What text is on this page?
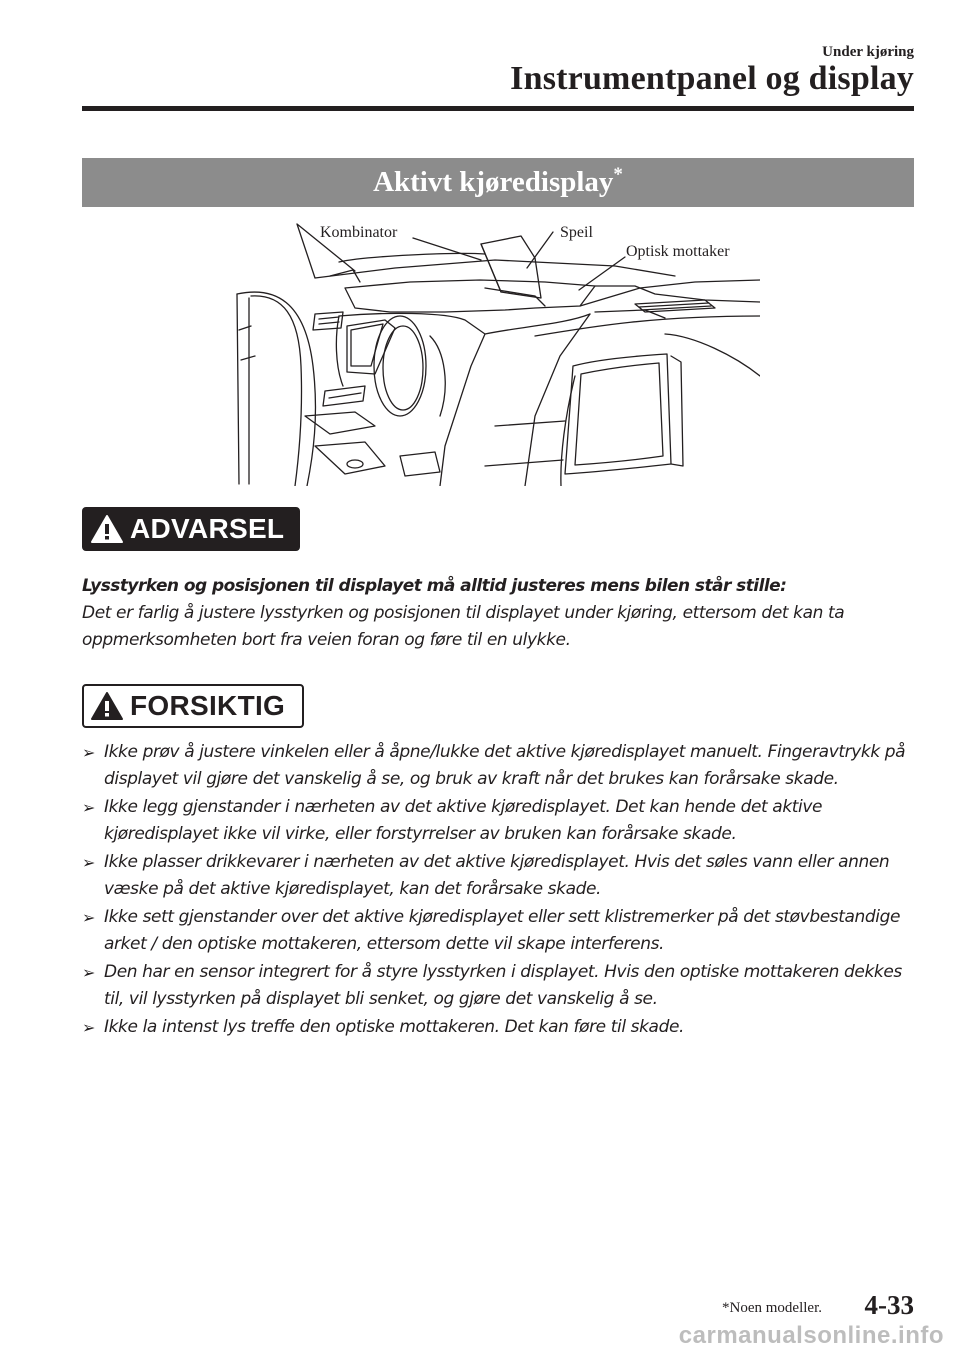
Under kjøring
Instrumentpanel og display
Aktivt kjøredisplay*
Kombinator	Speil
Optisk mottaker
ADVARSEL
Lysstyrken og posisjonen til displayet må alltid justeres mens bilen står stille:
Det er farlig å justere lysstyrken og posisjonen til displayet under kjøring, ettersom det kan ta oppmerksomheten bort fra veien foran og føre til en ulykke.
FORSIKTIG
➢ Ikke prøv å justere vinkelen eller å åpne/lukke det aktive kjøredisplayet manuelt. Fingeravtrykk på displayet vil gjøre det vanskelig å se, og bruk av kraft når det brukes kan forårsake skade.
➢ Ikke legg gjenstander i nærheten av det aktive kjøredisplayet. Det kan hende det aktive kjøredisplayet ikke vil virke, eller forstyrrelser av bruken kan forårsake skade.
➢ Ikke plasser drikkevarer i nærheten av det aktive kjøredisplayet. Hvis det søles vann eller annen væske på det aktive kjøredisplayet, kan det forårsake skade.
➢ Ikke sett gjenstander over det aktive kjøredisplayet eller sett klistremerker på det støvbestandige arket / den optiske mottakeren, ettersom dette vil skape interferens.
➢ Den har en sensor integrert for å styre lysstyrken i displayet. Hvis den optiske mottakeren dekkes til, vil lysstyrken på displayet bli senket, og gjøre det vanskelig å se.
➢ Ikke la intenst lys treffe den optiske mottakeren. Det kan føre til skade.
*Noen modeller. 4-33
carmanualsonline.info
